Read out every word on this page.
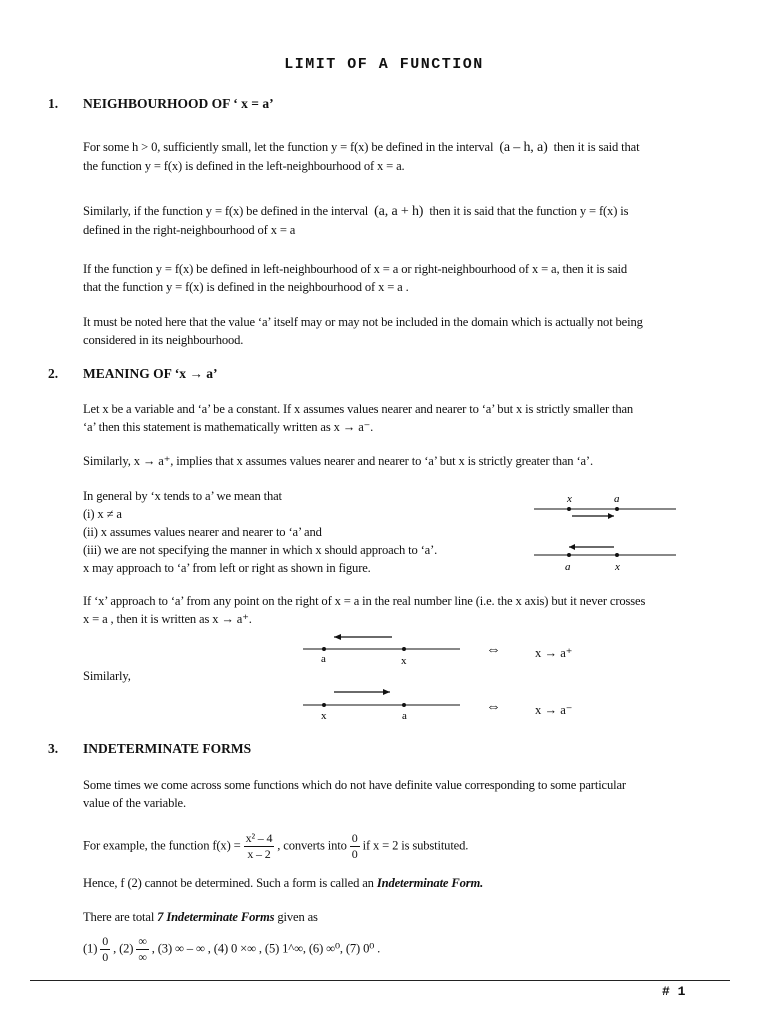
LIMIT OF A FUNCTION
1. NEIGHBOURHOOD OF ‘ x = a’
For some h > 0, sufficiently small, let the function y = f(x) be defined in the interval (a – h, a) then it is said that
the function y = f(x) is defined in the left-neighbourhood of x = a.
Similarly, if the function y = f(x) be defined in the interval (a, a + h) then it is said that the function y = f(x) is
defined in the right-neighbourhood of x = a
If the function y = f(x) be defined in left-neighbourhood of x = a or right-neighbourhood of x = a, then it is said
that the function y = f(x) is defined in the neighbourhood of x = a .
It must be noted here that the value ‘a’ itself may or may not be included in the domain which is actually not being
considered in its neighbourhood.
2. MEANING OF ‘x → a’
Let x be a variable and ‘a’ be a constant. If x assumes values nearer and nearer to ‘a’ but x is strictly smaller than
‘a’ then this statement is mathematically written as x → a⁻.
Similarly, x → a⁺, implies that x assumes values nearer and nearer to ‘a’ but x is strictly greater than ‘a’.
In general by ‘x tends to a’ we mean that
(i) x ≠ a
(ii) x assumes values nearer and nearer to ‘a’ and
(iii) we are not specifying the manner in which x should approach to ‘a’.
x may approach to ‘a’ from left or right as shown in figure.
x	a
a	x
If ‘x’ approach to ‘a’ from any point on the right of x = a in the real number line (i.e. the x axis) but it never crosses
x = a , then it is written as x → a⁺.
a	x
⇔	x → a⁺
Similarly,
x	a
⇔	x → a⁻
3. INDETERMINATE FORMS
Some times we come across some functions which do not have definite value corresponding to some particular
value of the variable.
For example, the function $f(x) = \frac{\text{x² – 4}}{x - 2}$ , converts into $\frac{0}{0}$ if x = 2 is substituted.
Hence, f (2) cannot be determined. Such a form is called an Indeterminate Form.
There are total 7 Indeterminate Forms given as
$(1) \frac{0}{0}$ , $(2) \frac{\infty}{\infty}$ , (3) ∞ – ∞ , (4) 0 ×∞ , (5) 1^∞, (6) ∞⁰, (7) 0⁰ .
# 1
